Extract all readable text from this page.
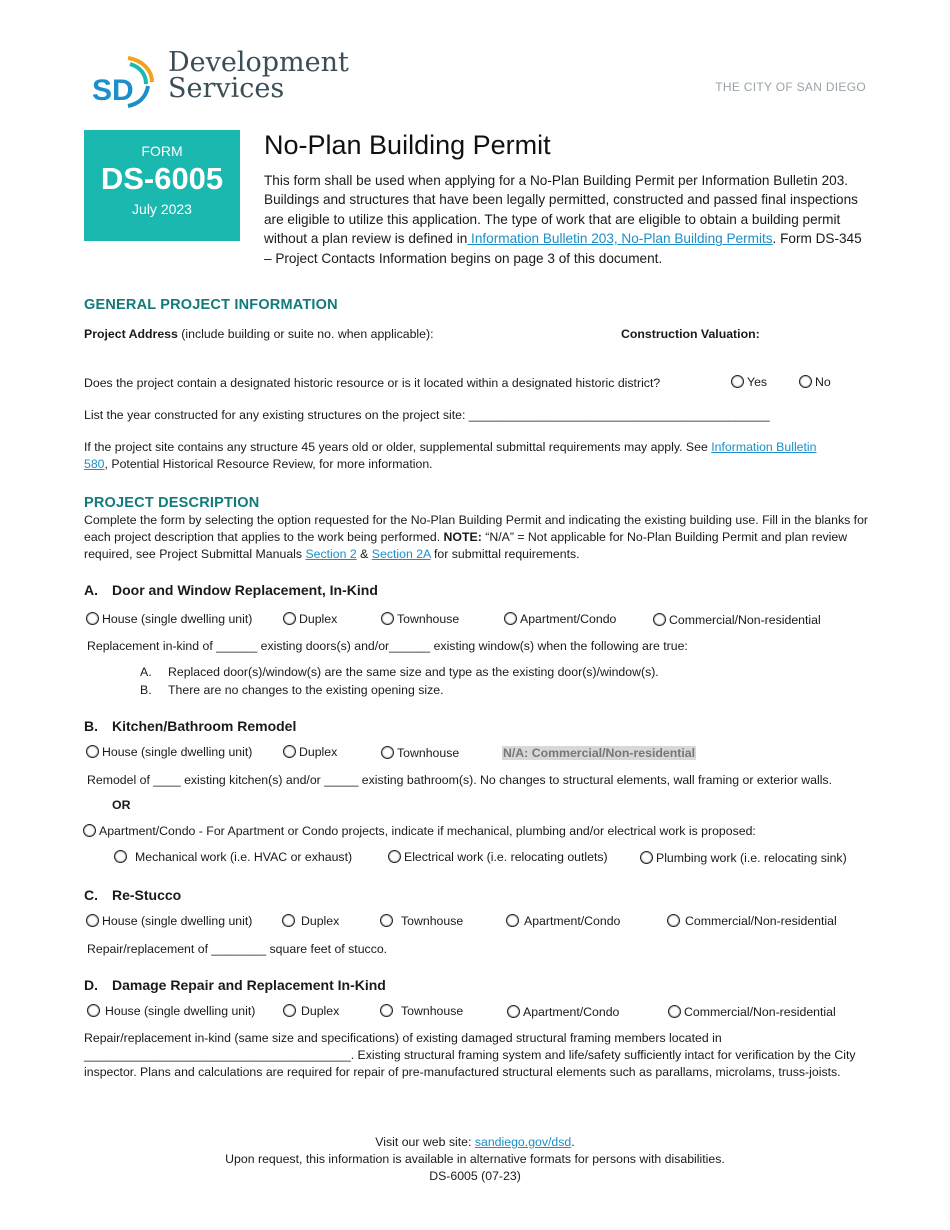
SD
Development
Services	THE CITY OF SAN DIEGO
FORM
DS-6005
July 2023
No-Plan Building Permit
This form shall be used when applying for a No-Plan Building Permit per Information Bulletin 203. Buildings and structures that have been legally permitted, constructed and passed final inspections are eligible to utilize this application. The type of work that are eligible to obtain a building permit without a plan review is defined in Information Bulletin 203, No-Plan Building Permits. Form DS-345 – Project Contacts Information begins on page 3 of this document.
GENERAL PROJECT INFORMATION
Project Address (include building or suite no. when applicable):	Construction Valuation:
Does the project contain a designated historic resource or is it located within a designated historic district?	Yes	No
List the year constructed for any existing structures on the project site: ____________________________________________
If the project site contains any structure 45 years old or older, supplemental submittal requirements may apply. See Information Bulletin
580, Potential Historical Resource Review, for more information.
PROJECT DESCRIPTION
Complete the form by selecting the option requested for the No-Plan Building Permit and indicating the existing building use. Fill in the blanks for each project description that applies to the work being performed. NOTE: “N/A” = Not applicable for No-Plan Building Permit and plan review required, see Project Submittal Manuals Section 2 & Section 2A for submittal requirements.
A. Door and Window Replacement, In-Kind
House (single dwelling unit)	Duplex	Townhouse	Apartment/Condo	Commercial/Non-residential
Replacement in-kind of ______ existing doors(s) and/or______ existing window(s) when the following are true:
A. Replaced door(s)/window(s) are the same size and type as the existing door(s)/window(s).
B. There are no changes to the existing opening size.
B. Kitchen/Bathroom Remodel
House (single dwelling unit)	Duplex	Townhouse	N/A: Commercial/Non-residential
Remodel of ____ existing kitchen(s) and/or _____ existing bathroom(s). No changes to structural elements, wall framing or exterior walls.
OR
Apartment/Condo - For Apartment or Condo projects, indicate if mechanical, plumbing and/or electrical work is proposed:
Mechanical work (i.e. HVAC or exhaust)	Electrical work (i.e. relocating outlets)	Plumbing work (i.e. relocating sink)
C. Re-Stucco
House (single dwelling unit)	Duplex	Townhouse	Apartment/Condo	Commercial/Non-residential
Repair/replacement of ________ square feet of stucco.
D. Damage Repair and Replacement In-Kind
House (single dwelling unit)	Duplex	Townhouse	Apartment/Condo	Commercial/Non-residential
Repair/replacement in-kind (same size and specifications) of existing damaged structural framing members located in _______________________________________. Existing structural framing system and life/safety sufficiently intact for verification by the City inspector. Plans and calculations are required for repair of pre-manufactured structural elements such as parallams, microlams, truss-joists.
Visit our web site: sandiego.gov/dsd.
Upon request, this information is available in alternative formats for persons with disabilities.
DS-6005 (07-23)
